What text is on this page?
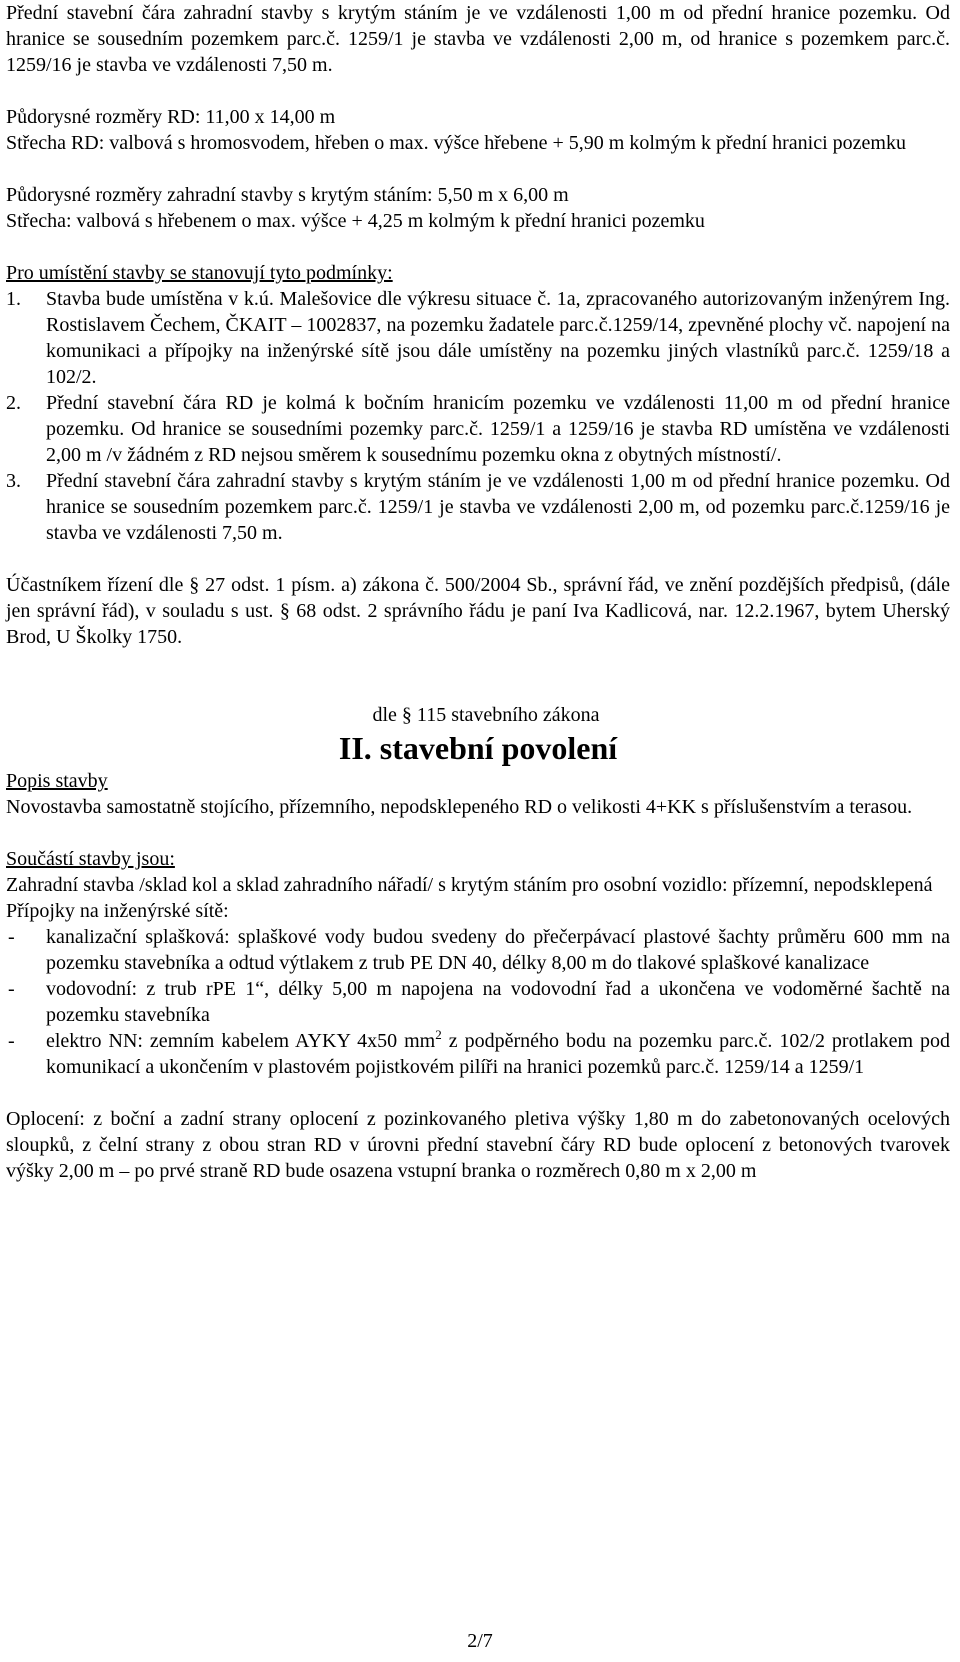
Přední stavební čára zahradní stavby s krytým stáním je ve vzdálenosti 1,00 m od přední hranice pozemku. Od hranice se sousedním pozemkem parc.č. 1259/1 je stavba ve vzdálenosti 2,00 m, od hranice s pozemkem parc.č. 1259/16 je stavba ve vzdálenosti 7,50 m.

Půdorysné rozměry RD: 11,00 x 14,00 m

Střecha RD: valbová s hromosvodem, hřeben o max. výšce hřebene + 5,90 m kolmým k přední hranici pozemku

Půdorysné rozměry zahradní stavby s krytým stáním: 5,50 m x 6,00 m

Střecha: valbová s hřebenem o max. výšce + 4,25 m kolmým k přední hranici pozemku

Pro umístění stavby se stanovují tyto podmínky:

1.	Stavba bude umístěna v k.ú. Malešovice dle výkresu situace č. 1a, zpracovaného autorizovaným inženýrem Ing. Rostislavem Čechem, ČKAIT – 1002837, na pozemku žadatele parc.č.1259/14, zpevněné plochy vč. napojení na komunikaci a přípojky na inženýrské sítě jsou dále umístěny na pozemku jiných vlastníků parc.č. 1259/18 a 102/2.
2.	Přední stavební čára RD je kolmá k bočním hranicím pozemku ve vzdálenosti 11,00 m od přední hranice pozemku. Od hranice se sousedními pozemky parc.č. 1259/1 a 1259/16 je stavba RD umístěna ve vzdálenosti 2,00 m /v žádném z RD nejsou směrem k sousednímu pozemku okna z obytných místností/.
3.	Přední stavební čára zahradní stavby s krytým stáním je ve vzdálenosti 1,00 m od přední hranice pozemku. Od hranice se sousedním pozemkem parc.č. 1259/1 je stavba ve vzdálenosti 2,00 m, od pozemku parc.č.1259/16 je stavba ve vzdálenosti 7,50 m.

Účastníkem řízení dle § 27 odst. 1 písm. a) zákona č. 500/2004 Sb., správní řád, ve znění pozdějších předpisů, (dále jen správní řád), v souladu s ust. § 68 odst. 2 správního řádu je paní Iva Kadlicová, nar. 12.2.1967, bytem Uherský Brod, U Školky 1750.

dle § 115 stavebního zákona

II. stavební povolení

Popis stavby

Novostavba samostatně stojícího, přízemního, nepodsklepeného RD o velikosti 4+KK s příslušenstvím a terasou.

Součástí stavby jsou:

Zahradní stavba /sklad kol a sklad zahradního nářadí/ s krytým stáním pro osobní vozidlo: přízemní, nepodsklepená

Přípojky na inženýrské sítě:

-	kanalizační splašková: splaškové vody budou svedeny do přečerpávací plastové šachty průměru 600 mm na pozemku stavebníka a odtud výtlakem z trub PE DN 40, délky 8,00 m do tlakové splaškové kanalizace
-	vodovodní: z trub rPE 1“, délky 5,00 m napojena na vodovodní řad a ukončena ve vodoměrné šachtě na pozemku stavebníka
-	elektro NN: zemním kabelem AYKY 4x50 $mm^2$ z podpěrného bodu na pozemku parc.č. 102/2 protlakem pod komunikací a ukončením v plastovém pojistkovém pilíři na hranici pozemků parc.č. 1259/14 a 1259/1

Oplocení: z boční a zadní strany oplocení z pozinkovaného pletiva výšky 1,80 m do zabetonovaných ocelových sloupků, z čelní strany z obou stran RD v úrovni přední stavební čáry RD bude oplocení z betonových tvarovek výšky 2,00 m – po prvé straně RD bude osazena vstupní branka o rozměrech 0,80 m x 2,00 m

2/7
